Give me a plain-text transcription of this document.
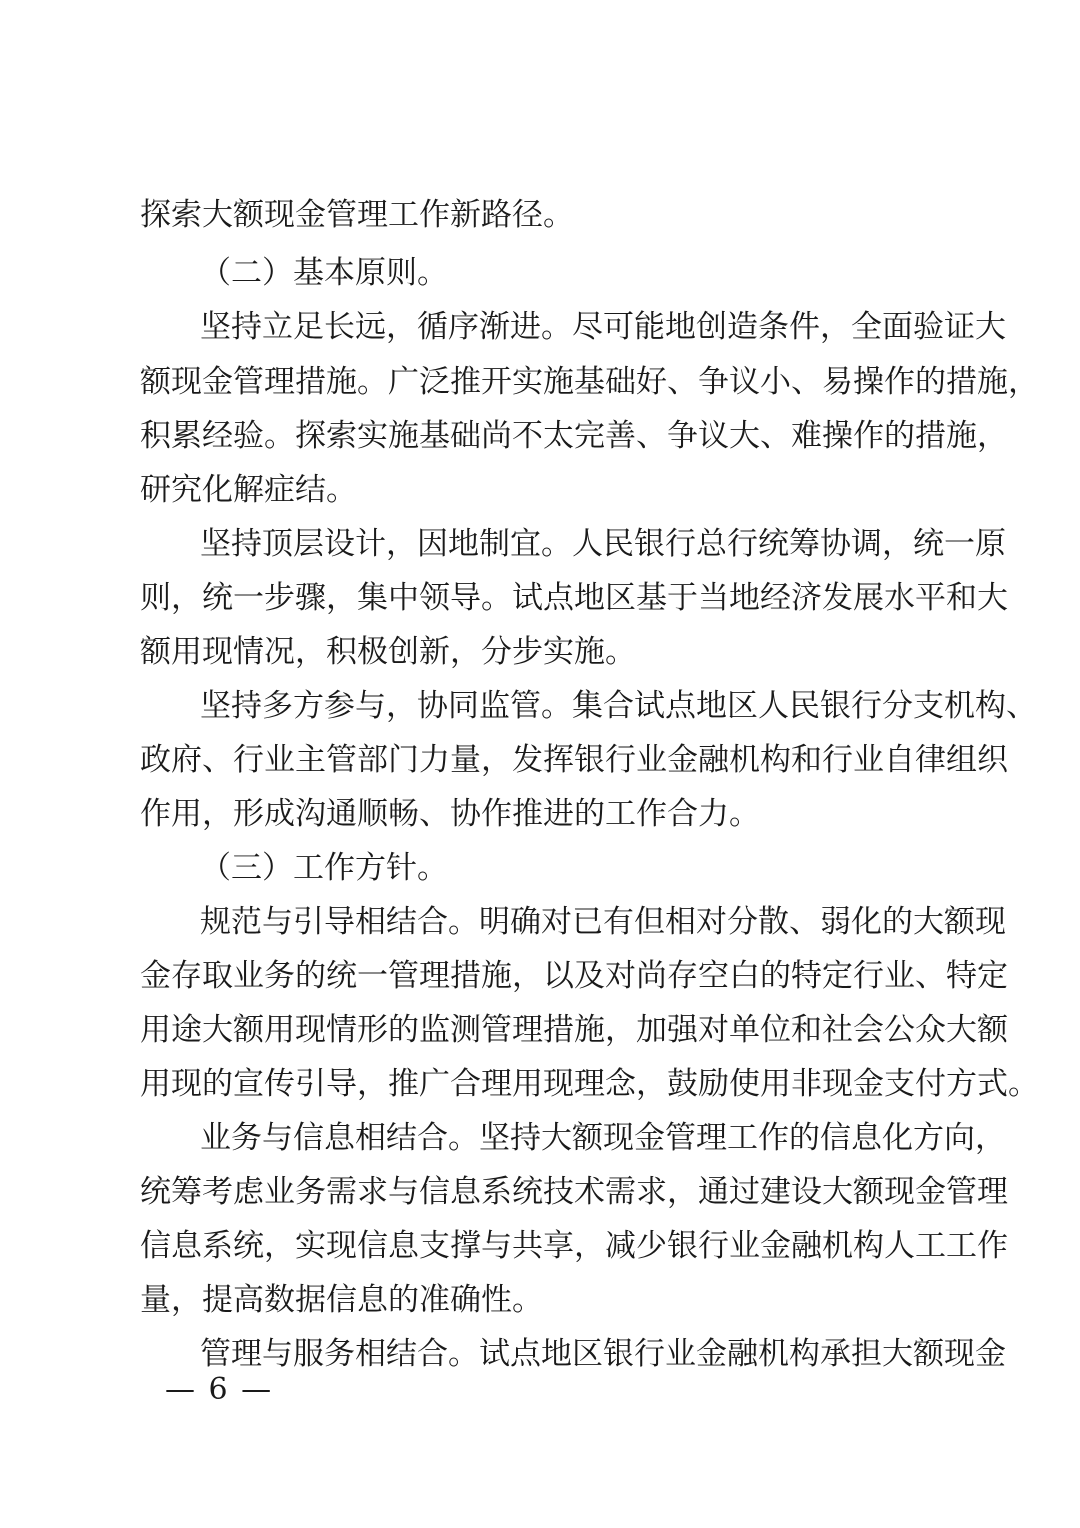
探索大额现金管理工作新路径。
（二）基本原则。
坚持立足长远，循序渐进。尽可能地创造条件，全面验证大
额现金管理措施。广泛推开实施基础好、争议小、易操作的措施，
积累经验。探索实施基础尚不太完善、争议大、难操作的措施，
研究化解症结。
坚持顶层设计，因地制宜。人民银行总行统筹协调，统一原
则，统一步骤，集中领导。试点地区基于当地经济发展水平和大
额用现情况，积极创新，分步实施。
坚持多方参与，协同监管。集合试点地区人民银行分支机构、
政府、行业主管部门力量，发挥银行业金融机构和行业自律组织
作用，形成沟通顺畅、协作推进的工作合力。
（三）工作方针。
规范与引导相结合。明确对已有但相对分散、弱化的大额现
金存取业务的统一管理措施，以及对尚存空白的特定行业、特定
用途大额用现情形的监测管理措施，加强对单位和社会公众大额
用现的宣传引导，推广合理用现理念，鼓励使用非现金支付方式。
业务与信息相结合。坚持大额现金管理工作的信息化方向，
统筹考虑业务需求与信息系统技术需求，通过建设大额现金管理
信息系统，实现信息支撑与共享，减少银行业金融机构人工工作
量，提高数据信息的准确性。
管理与服务相结合。试点地区银行业金融机构承担大额现金
— 6 —
